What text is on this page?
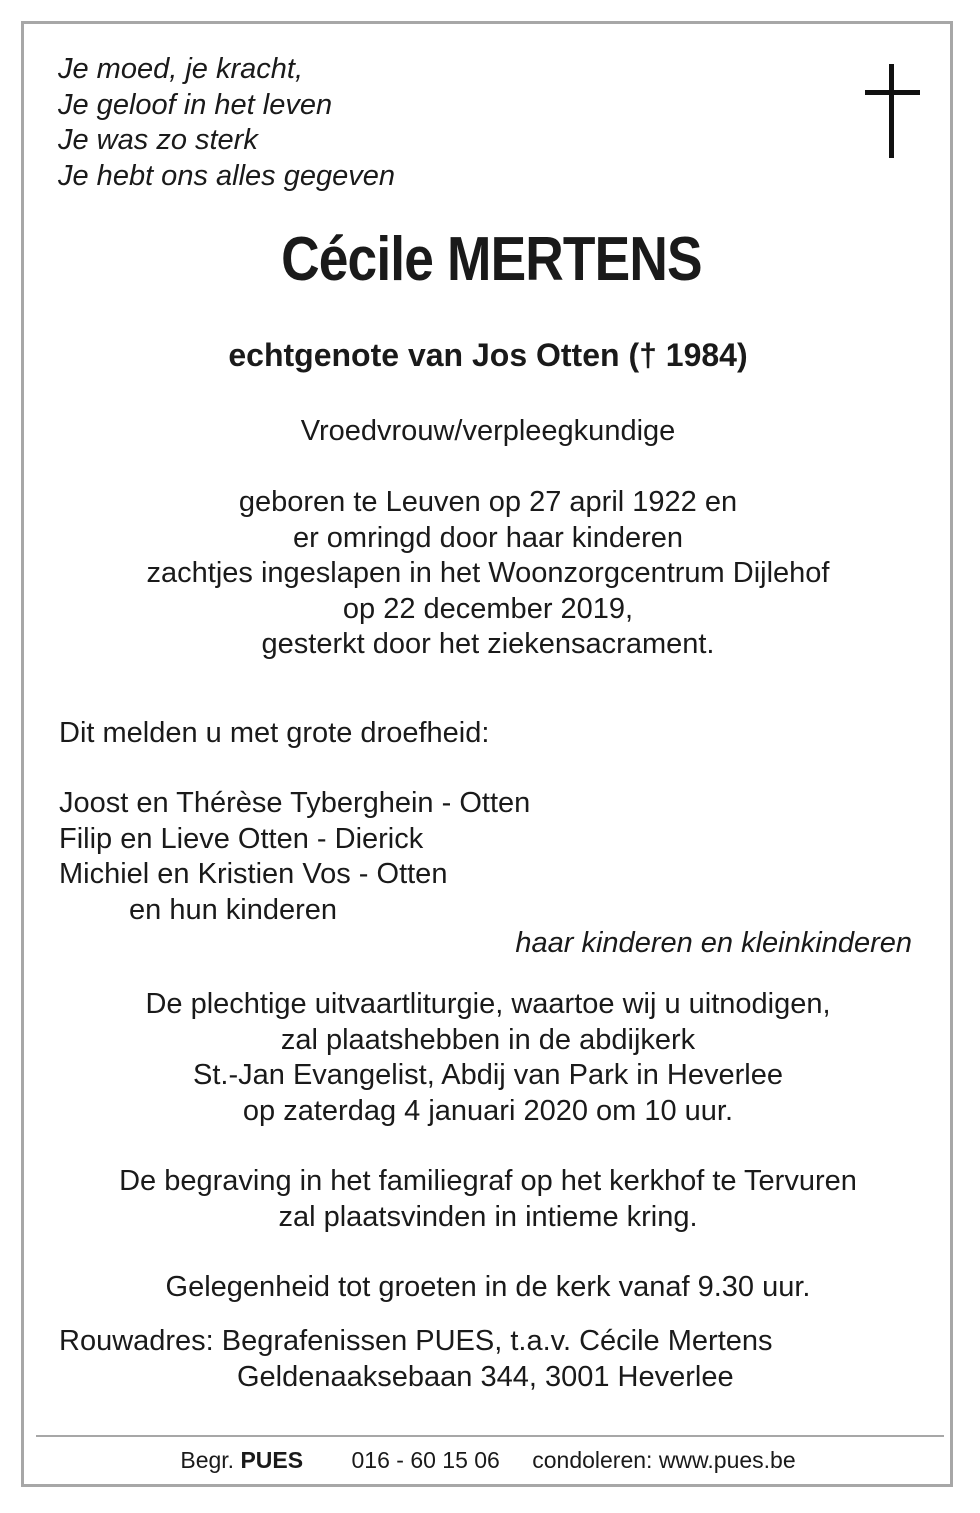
Je moed, je kracht,
Je geloof in het leven
Je was zo sterk
Je hebt ons alles gegeven
Cécile MERTENS
echtgenote van Jos Otten († 1984)
Vroedvrouw/verpleegkundige
geboren te Leuven op 27 april 1922 en
er omringd door haar kinderen
zachtjes ingeslapen in het Woonzorgcentrum Dijlehof
op 22 december 2019,
gesterkt door het ziekensacrament.
Dit melden u met grote droefheid:
Joost en Thérèse Tyberghein - Otten
Filip en Lieve Otten - Dierick
Michiel en Kristien Vos - Otten
en hun kinderen
haar kinderen en kleinkinderen
De plechtige uitvaartliturgie, waartoe wij u uitnodigen,
zal plaatshebben in de abdijkerk
St.-Jan Evangelist, Abdij van Park in Heverlee
op zaterdag 4 januari 2020 om 10 uur.
De begraving in het familiegraf op het kerkhof te Tervuren
zal plaatsvinden in intieme kring.
Gelegenheid tot groeten in de kerk vanaf 9.30 uur.
Rouwadres: Begrafenissen PUES, t.a.v. Cécile Mertens
Geldenaaksebaan 344, 3001 Heverlee
Begr. PUES 016 - 60 15 06 condoleren: www.pues.be
